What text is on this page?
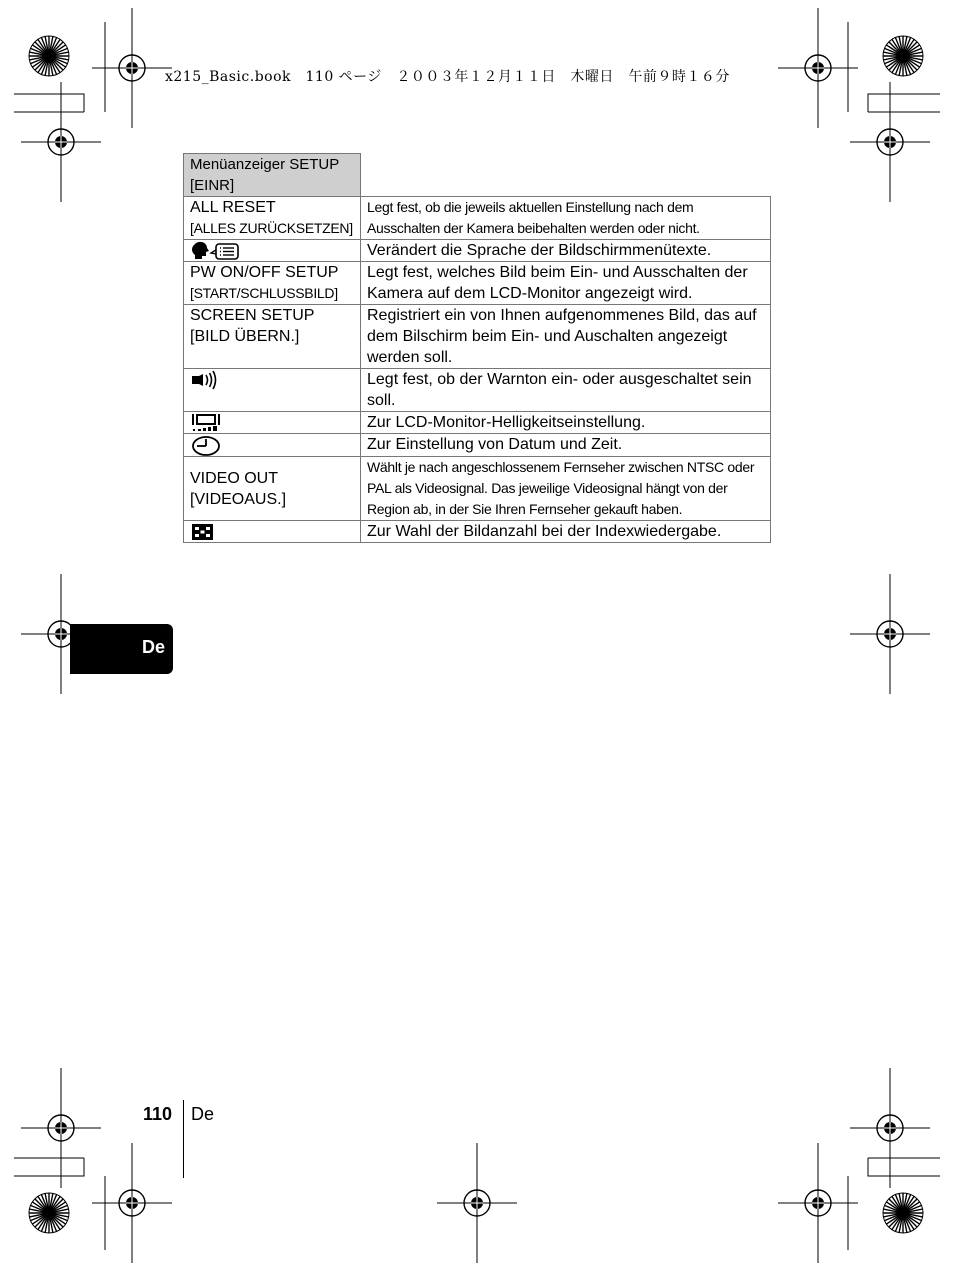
x215_Basic.book　110 ページ　２００３年１２月１１日　木曜日　午前９時１６分
Menüanzeiger SETUP [EINR]	

ALL RESET
[ALLES ZURÜCKSETZEN]	Legt fest, ob die jeweils aktuellen Einstellung nach dem Ausschalten der Kamera beibehalten werden oder nicht.
	Verändert die Sprache der Bildschirmmenütexte.

PW ON/OFF SETUP
[START/SCHLUSSBILD]	Legt fest, welches Bild beim Ein- und Ausschalten der Kamera auf dem LCD-Monitor angezeigt wird.

SCREEN SETUP
[BILD ÜBERN.]	Registriert ein von Ihnen aufgenommenes Bild, das auf dem Bilschirm beim Ein- und Auschalten angezeigt werden soll.
	Legt fest, ob der Warnton ein- oder ausgeschaltet sein soll.
	Zur LCD-Monitor-Helligkeitseinstellung.
	Zur Einstellung von Datum und Zeit.

VIDEO OUT
[VIDEOAUS.]	Wählt je nach angeschlossenem Fernseher zwischen NTSC oder PAL als Videosignal. Das jeweilige Videosignal hängt von der Region ab, in der Sie Ihren Fernseher gekauft haben.
	Zur Wahl der Bildanzahl bei der Indexwiedergabe.
De
110 De
